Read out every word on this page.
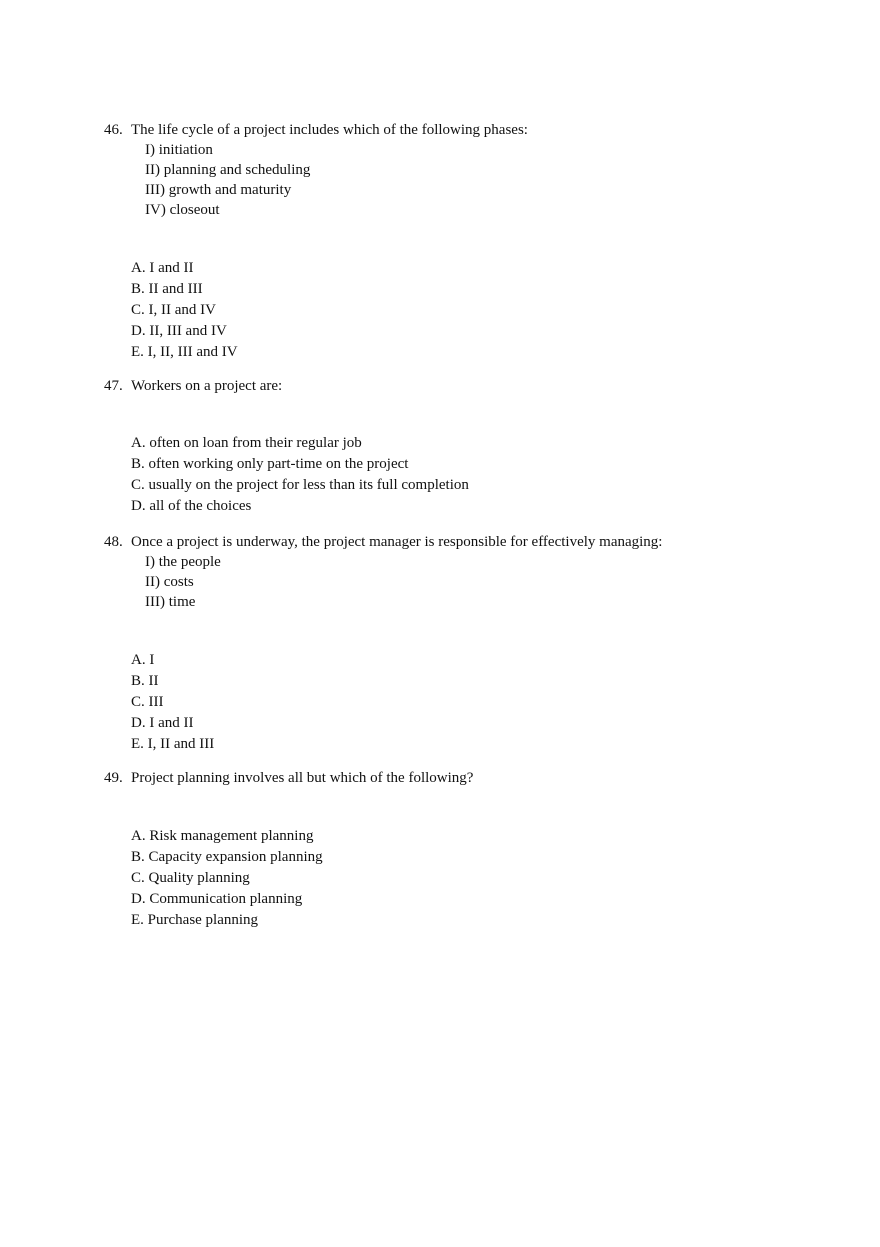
46. The life cycle of a project includes which of the following phases:
I) initiation
II) planning and scheduling
III) growth and maturity
IV) closeout
A. I and II
B. II and III
C. I, II and IV
D. II, III and IV
E. I, II, III and IV
47. Workers on a project are:
A. often on loan from their regular job
B. often working only part-time on the project
C. usually on the project for less than its full completion
D. all of the choices
48. Once a project is underway, the project manager is responsible for effectively managing:
I) the people
II) costs
III) time
A. I
B. II
C. III
D. I and II
E. I, II and III
49. Project planning involves all but which of the following?
A. Risk management planning
B. Capacity expansion planning
C. Quality planning
D. Communication planning
E. Purchase planning
